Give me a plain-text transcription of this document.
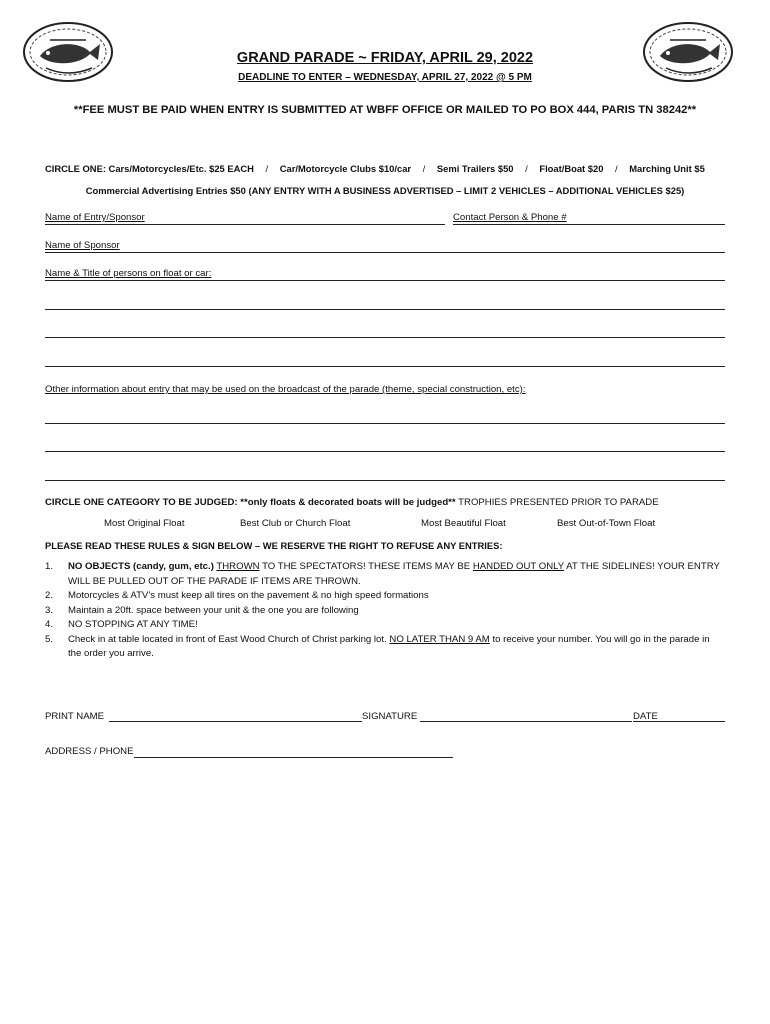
GRAND PARADE ~ FRIDAY, APRIL 29, 2022
DEADLINE TO ENTER – WEDNESDAY, APRIL 27, 2022 @ 5 PM
**FEE MUST BE PAID WHEN ENTRY IS SUBMITTED AT WBFF OFFICE OR MAILED TO PO BOX 444, PARIS TN 38242**
CIRCLE ONE: Cars/Motorcycles/Etc. $25 EACH / Car/Motorcycle Clubs $10/car / Semi Trailers $50 / Float/Boat $20 / Marching Unit $5
Commercial Advertising Entries $50 (ANY ENTRY WITH A BUSINESS ADVERTISED – LIMIT 2 VEHICLES – ADDITIONAL VEHICLES $25)
Name of Entry/Sponsor	Contact Person & Phone #
Name of Sponsor
Name & Title of persons on float or car:
Other information about entry that may be used on the broadcast of the parade (theme, special construction, etc):
CIRCLE ONE CATEGORY TO BE JUDGED: **only floats & decorated boats will be judged** TROPHIES PRESENTED PRIOR TO PARADE
Most Original Float	Best Club or Church Float	Most Beautiful Float	Best Out-of-Town Float
PLEASE READ THESE RULES & SIGN BELOW – WE RESERVE THE RIGHT TO REFUSE ANY ENTRIES:
1. NO OBJECTS (candy, gum, etc.) THROWN TO THE SPECTATORS! THESE ITEMS MAY BE HANDED OUT ONLY AT THE SIDELINES! YOUR ENTRY WILL BE PULLED OUT OF THE PARADE IF ITEMS ARE THROWN.
2. Motorcycles & ATV’s must keep all tires on the pavement & no high speed formations
3. Maintain a 20ft. space between your unit & the one you are following
4. NO STOPPING AT ANY TIME!
5. Check in at table located in front of East Wood Church of Christ parking lot. NO LATER THAN 9 AM to receive your number. You will go in the parade in the order you arrive.
PRINT NAME	SIGNATURE	DATE
ADDRESS / PHONE
